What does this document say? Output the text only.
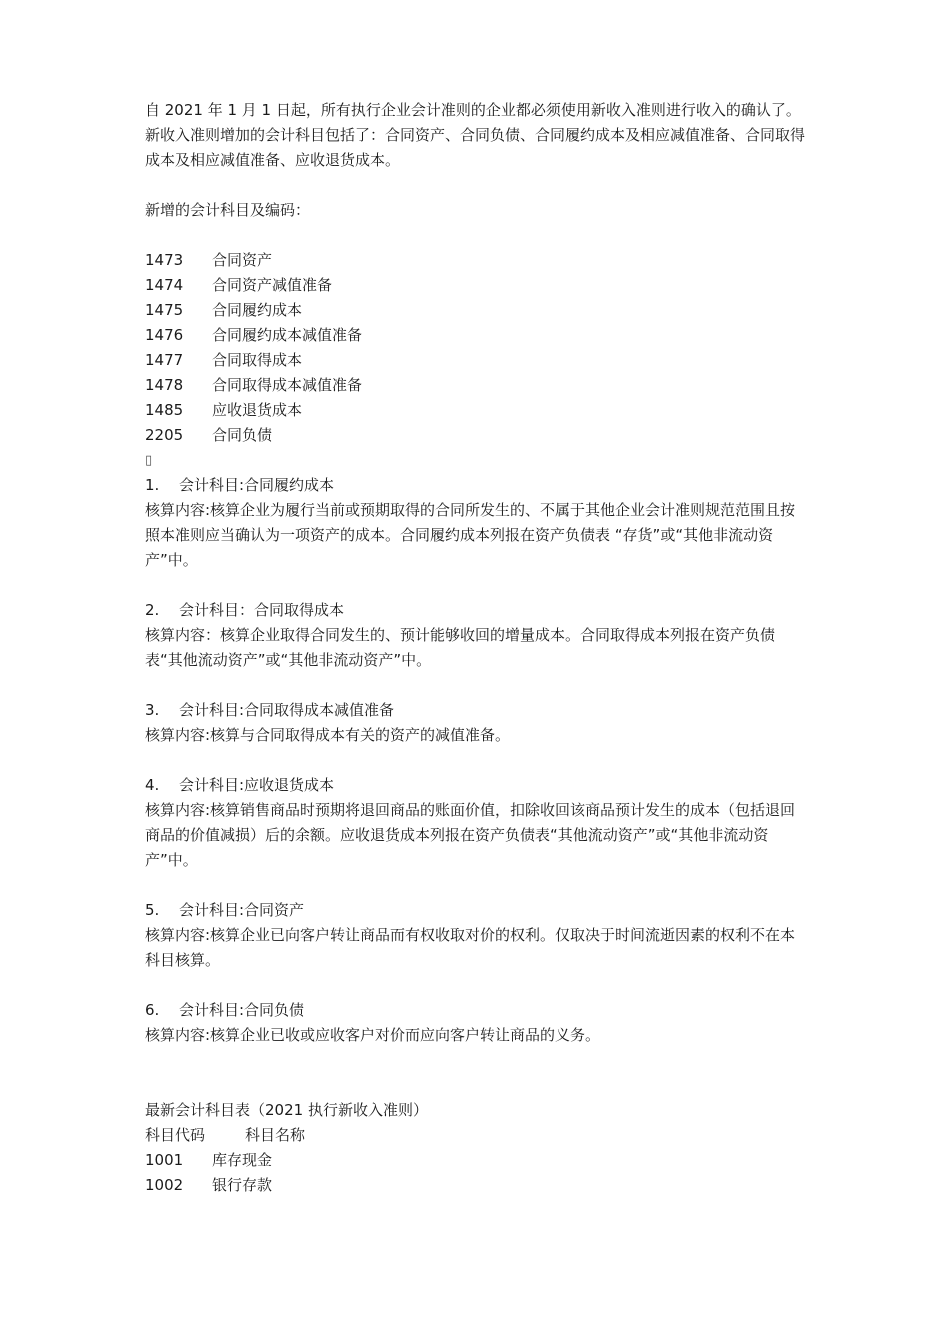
自 2021 年 1 月 1 日起，所有执行企业会计准则的企业都必须使用新收入准则进行收入的确认了。新收入准则增加的会计科目包括了：合同资产、合同负债、合同履约成本及相应减值准备、合同取得成本及相应减值准备、应收退货成本。

新增的会计科目及编码：

1473	合同资产
1474	合同资产减值准备
1475	合同履约成本
1476	合同履约成本减值准备
1477	合同取得成本
1478	合同取得成本减值准备
1485	应收退货成本
2205	合同负债
▯

1. 会计科目:合同履约成本

核算内容:核算企业为履行当前或预期取得的合同所发生的、不属于其他企业会计准则规范范围且按照本准则应当确认为一项资产的成本。合同履约成本列报在资产负债表 “存货”或“其他非流动资产”中。

2. 会计科目：合同取得成本

核算内容：核算企业取得合同发生的、预计能够收回的增量成本。合同取得成本列报在资产负债表“其他流动资产”或“其他非流动资产”中。

3. 会计科目:合同取得成本减值准备

核算内容:核算与合同取得成本有关的资产的减值准备。

4. 会计科目:应收退货成本

核算内容:核算销售商品时预期将退回商品的账面价值，扣除收回该商品预计发生的成本（包括退回商品的价值减损）后的余额。应收退货成本列报在资产负债表“其他流动资产”或“其他非流动资产”中。

5. 会计科目:合同资产

核算内容:核算企业已向客户转让商品而有权收取对价的权利。仅取决于时间流逝因素的权利不在本科目核算。

6. 会计科目:合同负债

核算内容:核算企业已收或应收客户对价而应向客户转让商品的义务。

最新会计科目表（2021 执行新收入准则）

科目代码	科目名称
1001	库存现金
1002	银行存款
